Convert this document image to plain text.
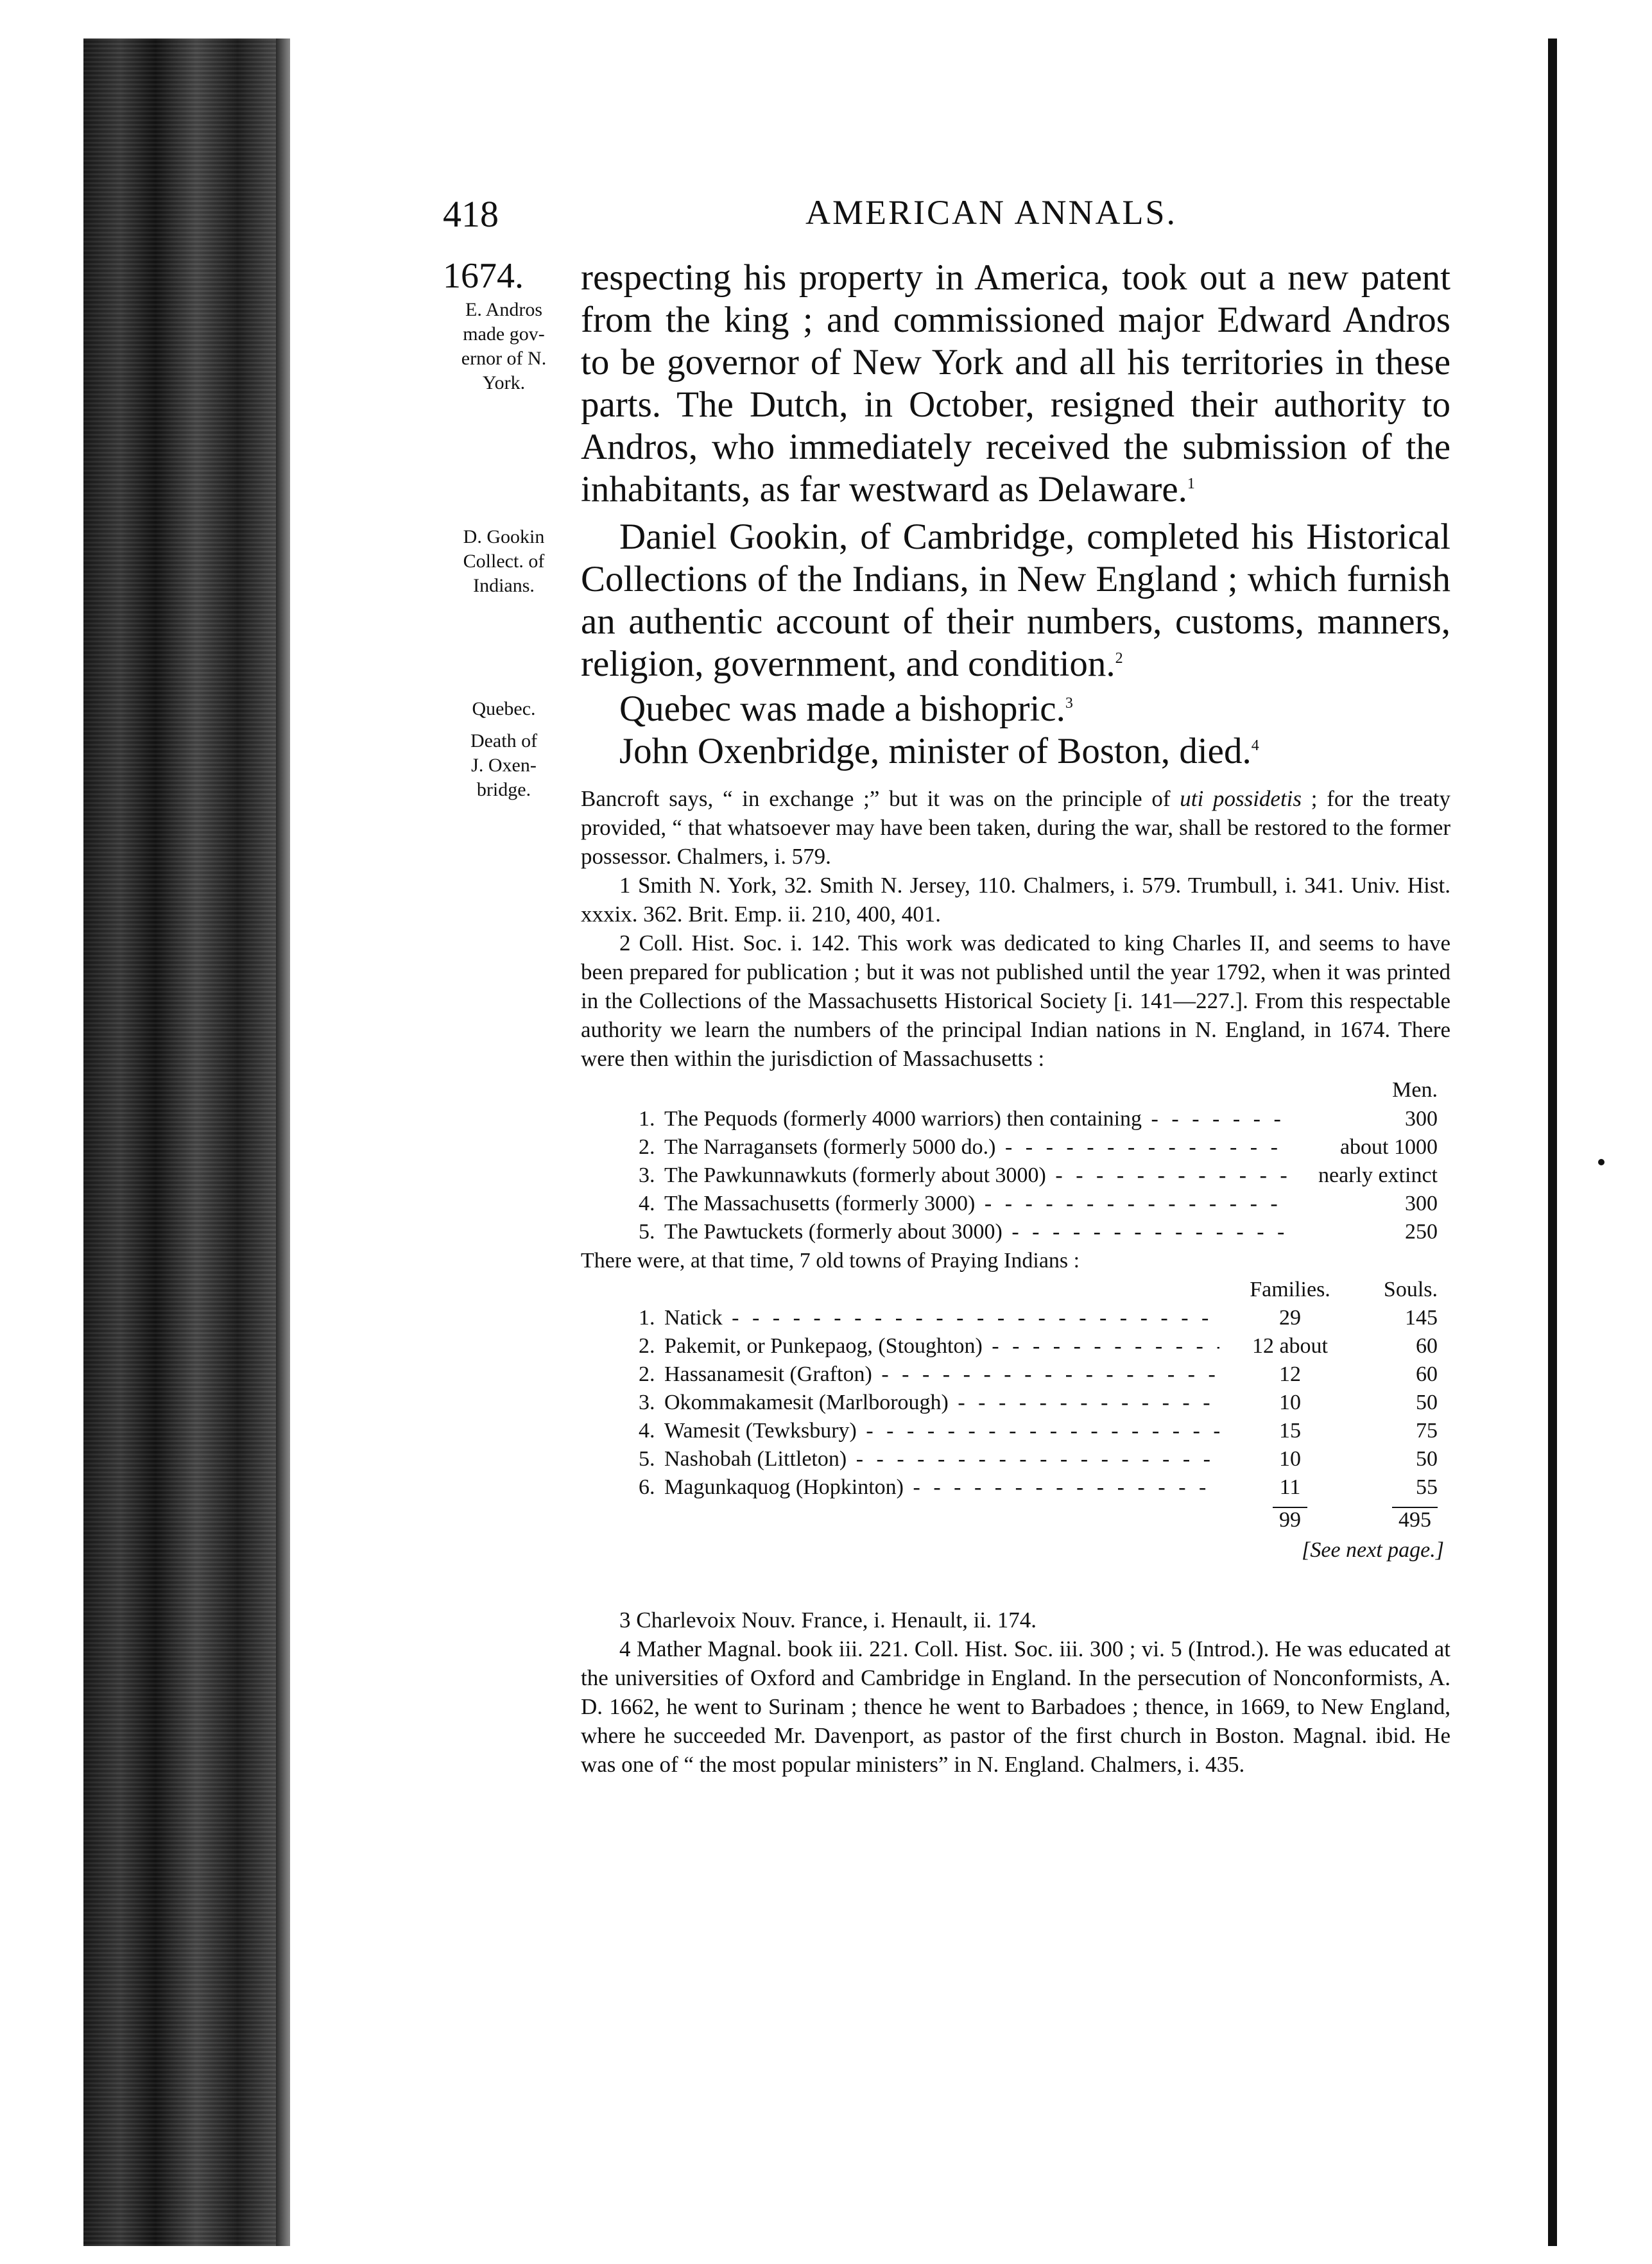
418	AMERICAN ANNALS.
1674.
E. Andros
made gov-
ernor of N.
York.

respecting his property in America, took out a new patent from the king ; and commissioned major Edward Andros to be governor of New York and all his territories in these parts. The Dutch, in October, resigned their authority to Andros, who immediately received the submission of the inhabitants, as far westward as Delaware.$^1$

D. Gookin
Collect. of
Indians.

Daniel Gookin, of Cambridge, completed his Historical Collections of the Indians, in New England ; which furnish an authentic account of their numbers, customs, manners, religion, government, and condition.$^2$

Quebec.
Death of
J. Oxen-
bridge.

Quebec was made a bishopric.$^3$

John Oxenbridge, minister of Boston, died.$^4$

Bancroft says, “ in exchange ;” but it was on the principle of uti possidetis ; for the treaty provided, “ that whatsoever may have been taken, during the war, shall be restored to the former possessor. Chalmers, i. 579.

1 Smith N. York, 32. Smith N. Jersey, 110. Chalmers, i. 579. Trumbull, i. 341. Univ. Hist. xxxix. 362. Brit. Emp. ii. 210, 400, 401.

2 Coll. Hist. Soc. i. 142. This work was dedicated to king Charles II, and seems to have been prepared for publication ; but it was not published until the year 1792, when it was printed in the Collections of the Massachusetts Historical Society [i. 141—227.]. From this respectable authority we learn the numbers of the principal Indian nations in N. England, in 1674. There were then within the jurisdiction of Massachusetts :

Men.
1. The Pequods (formerly 4000 warriors) then containing - - -	300
2. The Narragansets (formerly 5000 do.) - - -	about 1000
3. The Pawkunnawkuts (formerly about 3000) - - -	nearly extinct
4. The Massachusetts (formerly 3000) - - -	300
5. The Pawtuckets (formerly about 3000) - - -	250

There were, at that time, 7 old towns of Praying Indians :

Families.	Souls.
1. Natick - - -	29	145
2. Pakemit, or Punkepaog, (Stoughton) - - -	12 about	60
2. Hassanamesit (Grafton) - - -	12	60
3. Okommakamesit (Marlborough) - - -	10	50
4. Wamesit (Tewksbury) - - -	15	75
5. Nashobah (Littleton) - - -	10	50
6. Magunkaquog (Hopkinton) - - -	11	55
99	495
[See next page.]

3 Charlevoix Nouv. France, i. Henault, ii. 174.

4 Mather Magnal. book iii. 221. Coll. Hist. Soc. iii. 300 ; vi. 5 (Introd.). He was educated at the universities of Oxford and Cambridge in England. In the persecution of Nonconformists, A. D. 1662, he went to Surinam ; thence he went to Barbadoes ; thence, in 1669, to New England, where he succeeded Mr. Davenport, as pastor of the first church in Boston. Magnal. ibid. He was one of “ the most popular ministers” in N. England. Chalmers, i. 435.
